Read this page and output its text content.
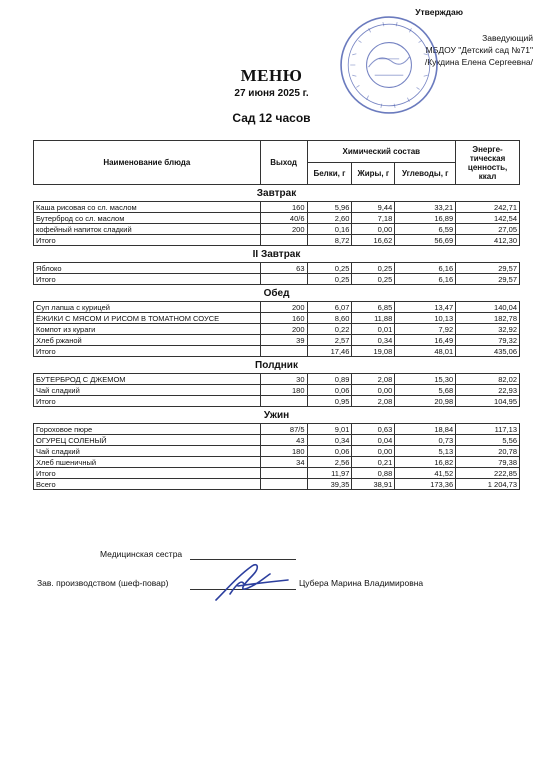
Утверждаю
Заведующий
МБДОУ "Детский сад №71"
/Кукдина Елена Сергеевна/
МЕНЮ
27 июня 2025 г.
Сад 12 часов
Наименование блюда	Выход	Химический состав			Энерге-тическая ценность, ккал
		Белки, г	Жиры, г	Углеводы, г	
Завтрак					
Каша рисовая со сл. маслом	160	5,96	9,44	33,21	242,71
Бутерброд со сл. маслом	40/6	2,60	7,18	16,89	142,54
кофейный напиток сладкий	200	0,16	0,00	6,59	27,05
Итого		8,72	16,62	56,69	412,30
II Завтрак					
Яблоко	63	0,25	0,25	6,16	29,57
Итого		0,25	0,25	6,16	29,57
Обед					
Суп лапша с курицей	200	6,07	6,85	13,47	140,04
ЁЖИКИ С МЯСОМ И РИСОМ В ТОМАТНОМ СОУСЕ	160	8,60	11,88	10,13	182,78
Компот из кураги	200	0,22	0,01	7,92	32,92
Хлеб ржаной	39	2,57	0,34	16,49	79,32
Итого		17,46	19,08	48,01	435,06
Полдник					
БУТЕРБРОД С ДЖЕМОМ	30	0,89	2,08	15,30	82,02
Чай сладкий	180	0,06	0,00	5,68	22,93
Итого		0,95	2,08	20,98	104,95
Ужин					
Гороховое пюре	87/5	9,01	0,63	18,84	117,13
ОГУРЕЦ СОЛЕНЫЙ	43	0,34	0,04	0,73	5,56
Чай сладкий	180	0,06	0,00	5,13	20,78
Хлеб пшеничный	34	2,56	0,21	16,82	79,38
Итого		11,97	0,88	41,52	222,85
Всего		39,35	38,91	173,36	1 204,73
Медицинская сестра
Зав. производством (шеф-повар)	Цубера Марина Владимировна
